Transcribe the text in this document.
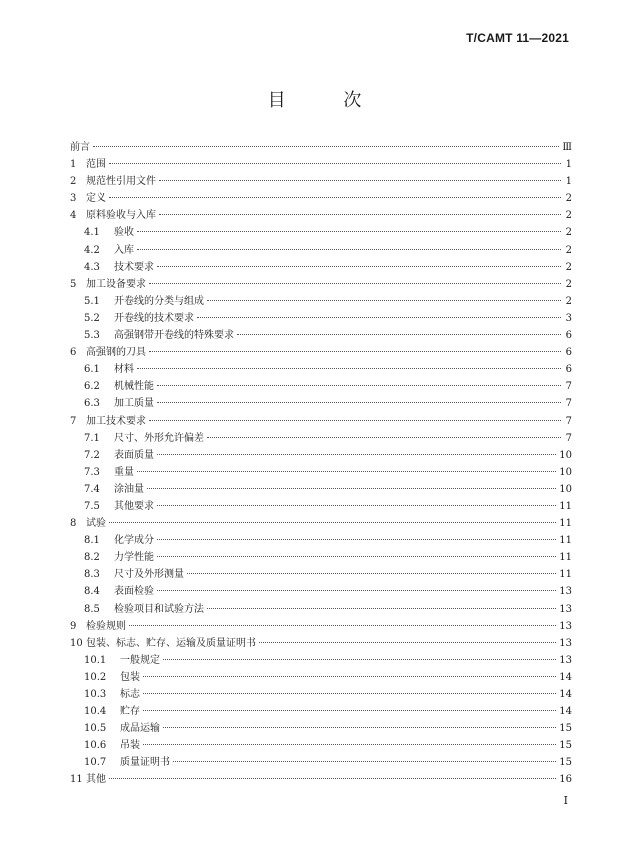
T/CAMT 11—2021
目 次
前言	Ⅲ
1 范围	1
2 规范性引用文件	1
3 定义	2
4 原料验收与入库	2
4.1	验收	2
4.2	入库	2
4.3	技术要求	2
5 加工设备要求	2
5.1	开卷线的分类与组成	2
5.2	开卷线的技术要求	3
5.3	高强钢带开卷线的特殊要求	6
6 高强钢的刀具	6
6.1	材料	6
6.2	机械性能	7
6.3	加工质量	7
7 加工技术要求	7
7.1	尺寸、外形允许偏差	7
7.2	表面质量	10
7.3	重量	10
7.4	涂油量	10
7.5	其他要求	11
8 试验	11
8.1	化学成分	11
8.2	力学性能	11
8.3	尺寸及外形测量	11
8.4	表面检验	13
8.5	检验项目和试验方法	13
9 检验规则	13
10 包装、标志、贮存、运输及质量证明书	13
10.1	一般规定	13
10.2	包装	14
10.3	标志	14
10.4	贮存	14
10.5	成品运输	15
10.6	吊装	15
10.7	质量证明书	15
11 其他	16
I
